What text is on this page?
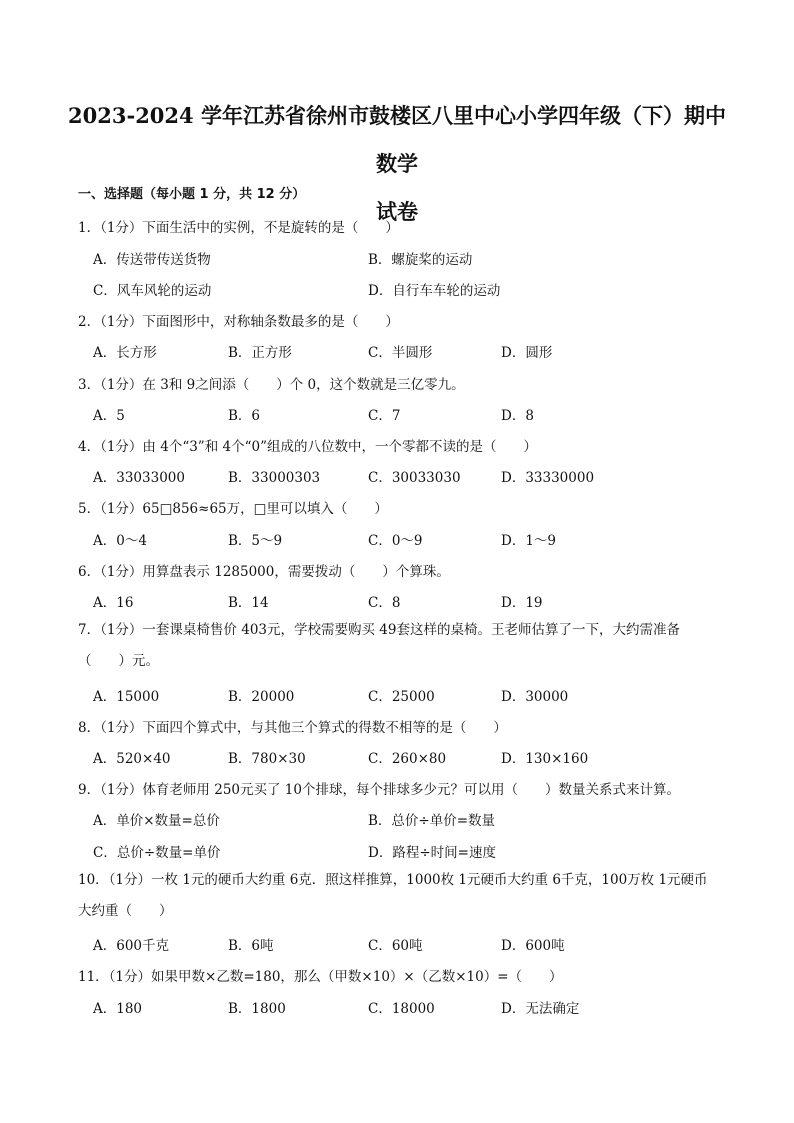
2023-2024 学年江苏省徐州市鼓楼区八里中心小学四年级（下）期中数学
试卷
一、选择题（每小题 1 分，共 12 分）
1．（1分）下面生活中的实例，不是旋转的是（　　）
A．传送带传送货物	B．螺旋桨的运动
C．风车风轮的运动	D．自行车车轮的运动
2．（1分）下面图形中，对称轴条数最多的是（　　）
A．长方形	B．正方形	C．半圆形	D．圆形
3．（1分）在 3和 9之间添（　　）个 0，这个数就是三亿零九。
A．5	B．6	C．7	D．8
4．（1分）由 4个“3”和 4个“0”组成的八位数中，一个零都不读的是（　　）
A．33033000	B．33000303	C．30033030	D．33330000
5．（1分）65□856≈65万，□里可以填入（　　）
A．0～4	B．5～9	C．0～9	D．1～9
6．（1分）用算盘表示 1285000，需要拨动（　　）个算珠。
A．16	B．14	C．8	D．19
7．（1分）一套课桌椅售价 403元，学校需要购买 49套这样的桌椅。王老师估算了一下，大约需准备（　　）元。
A．15000	B．20000	C．25000	D．30000
8．（1分）下面四个算式中，与其他三个算式的得数不相等的是（　　）
A．520×40	B．780×30	C．260×80	D．130×160
9．（1分）体育老师用 250元买了 10个排球，每个排球多少元？可以用（　　）数量关系式来计算。
A．单价×数量=总价	B．总价÷单价=数量
C．总价÷数量=单价	D．路程÷时间=速度
10．（1分）一枚 1元的硬币大约重 6克．照这样推算，1000枚 1元硬币大约重 6千克，100万枚 1元硬币大约重（　　）
A．600千克	B．6吨	C．60吨	D．600吨
11．（1分）如果甲数×乙数=180，那么（甲数×10）×（乙数×10）=（　　）
A．180	B．1800	C．18000	D．无法确定
